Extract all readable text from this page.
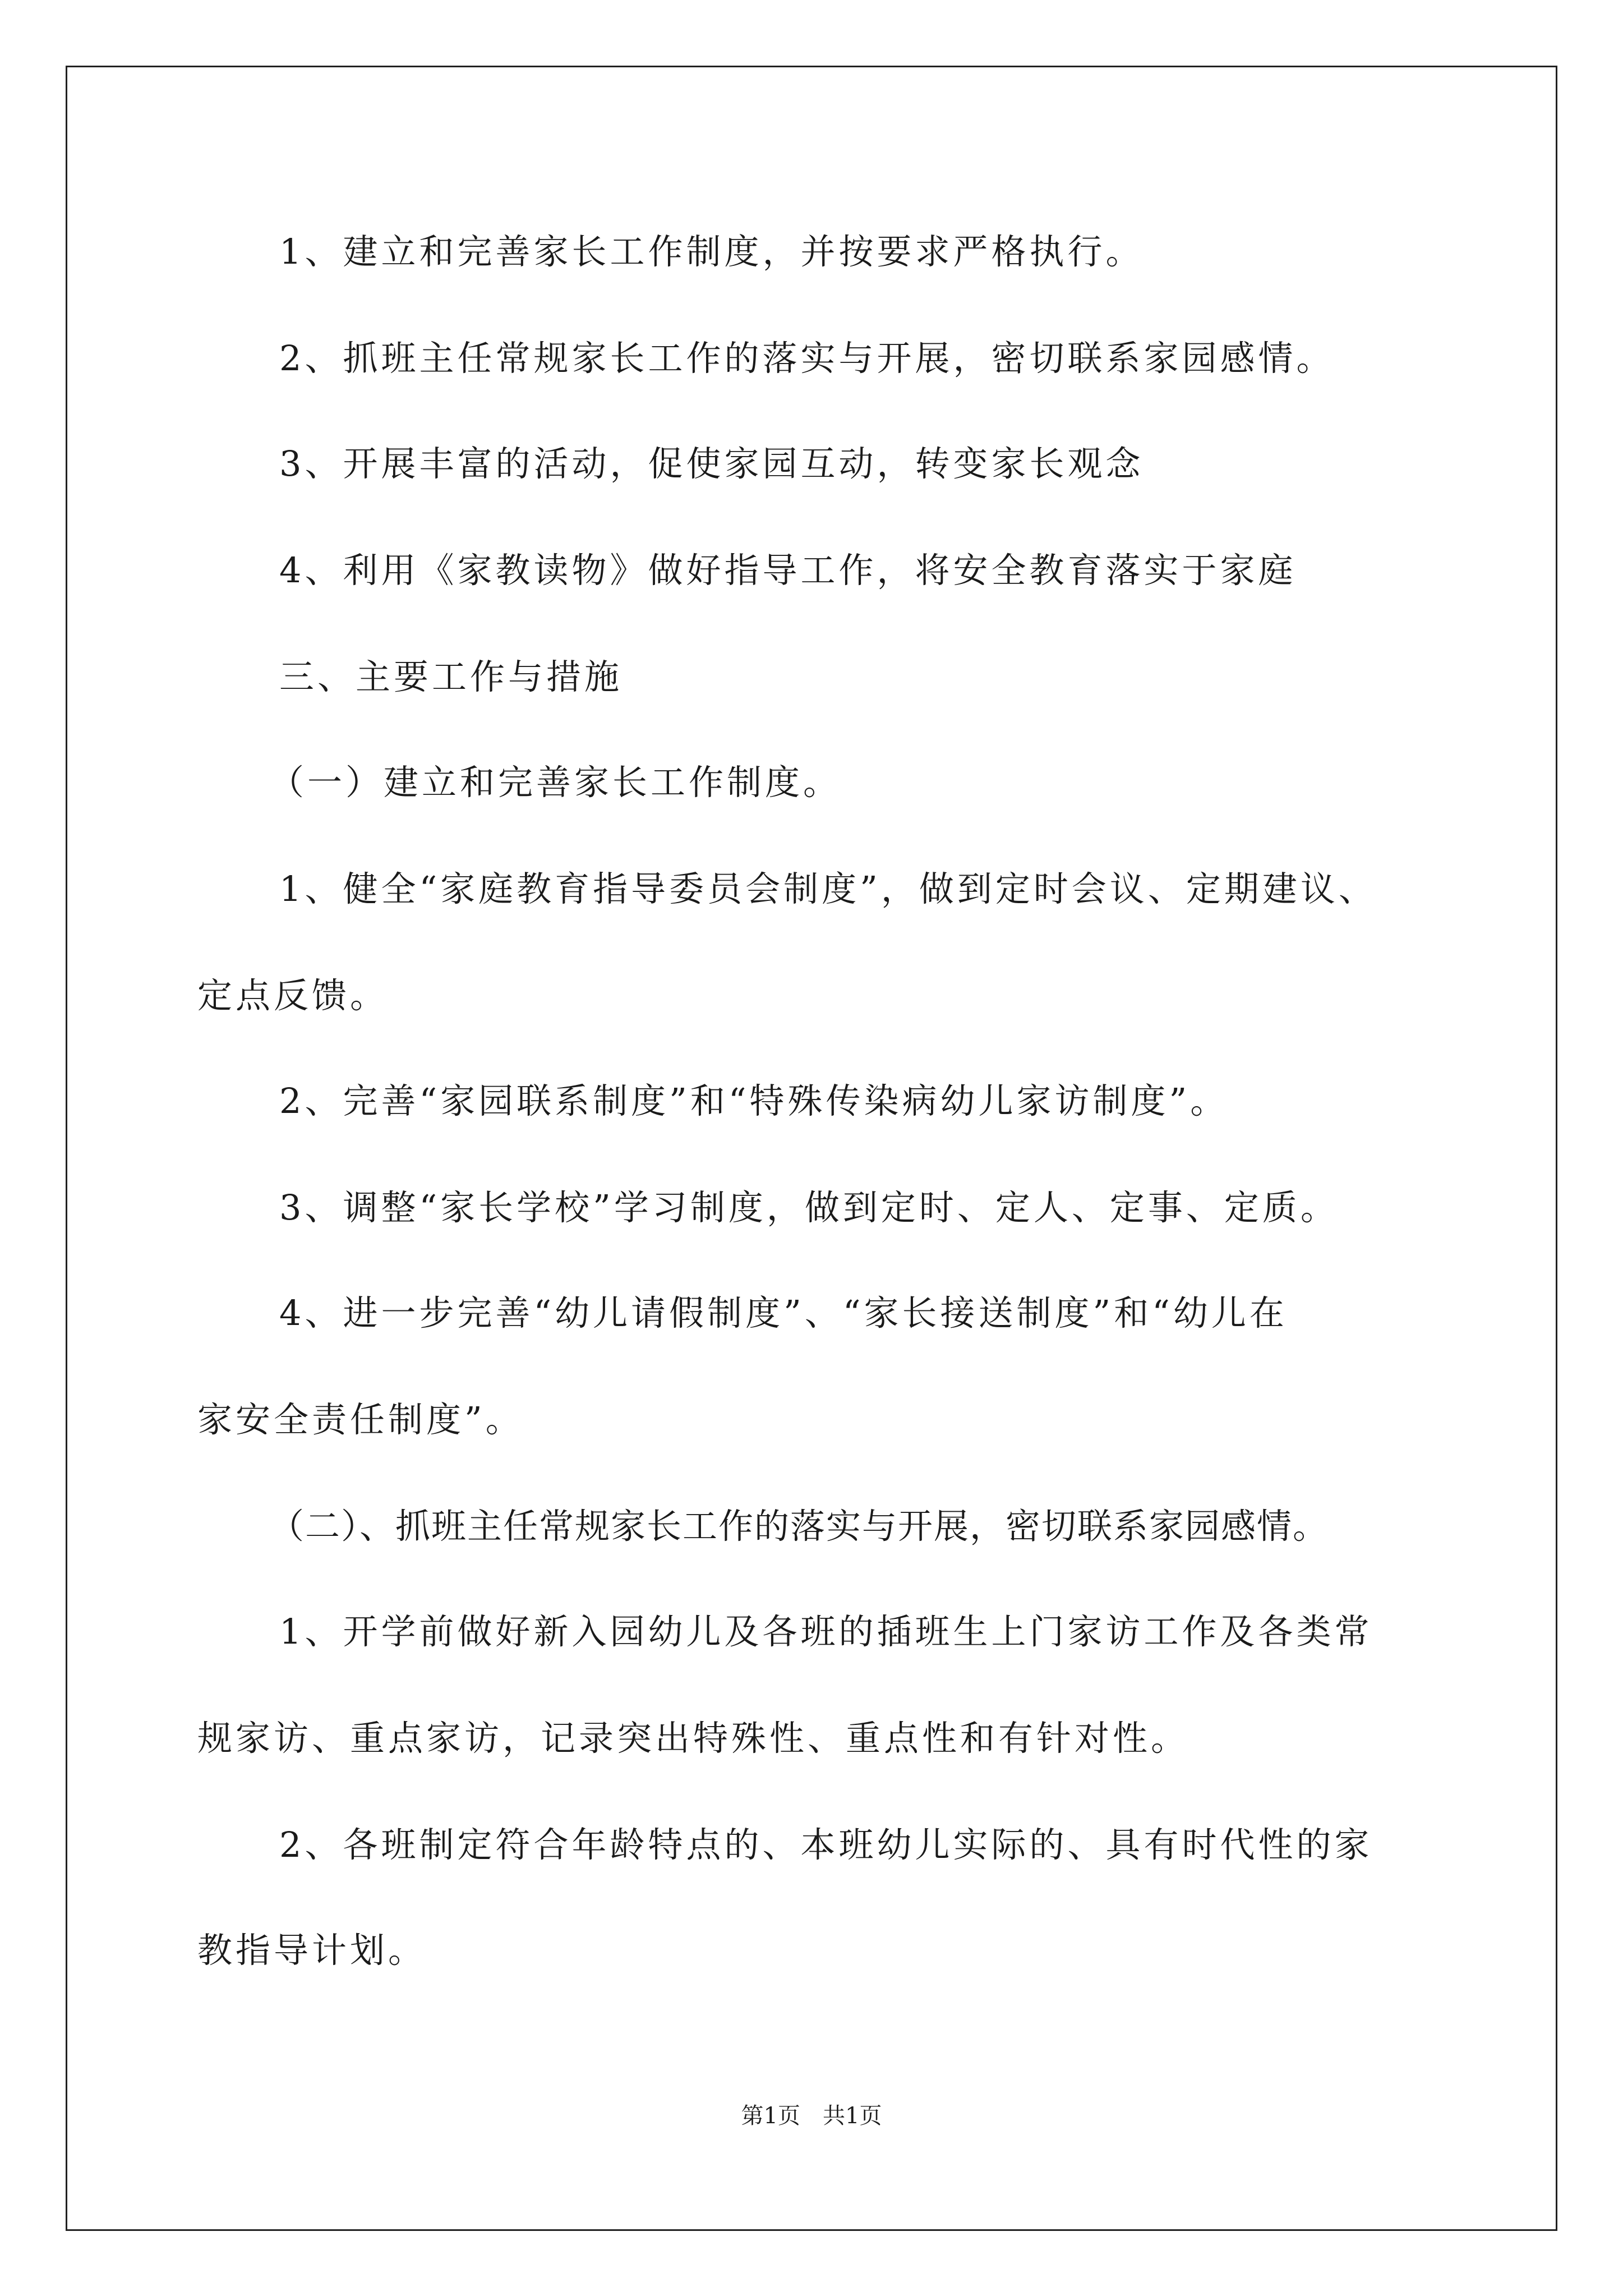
1、建立和完善家长工作制度，并按要求严格执行。
2、抓班主任常规家长工作的落实与开展，密切联系家园感情。
3、开展丰富的活动，促使家园互动，转变家长观念
4、利用《家教读物》做好指导工作，将安全教育落实于家庭
三、主要工作与措施
（一）建立和完善家长工作制度。
1、健全“家庭教育指导委员会制度”，做到定时会议、定期建议、
定点反馈。
2、完善“家园联系制度”和“特殊传染病幼儿家访制度”。
3、调整“家长学校”学习制度，做到定时、定人、定事、定质。
4、进一步完善“幼儿请假制度”、“家长接送制度”和“幼儿在
家安全责任制度”。
（二）、抓班主任常规家长工作的落实与开展，密切联系家园感情。
1、开学前做好新入园幼儿及各班的插班生上门家访工作及各类常
规家访、重点家访，记录突出特殊性、重点性和有针对性。
2、各班制定符合年龄特点的、本班幼儿实际的、具有时代性的家
教指导计划。
第1页　共1页
